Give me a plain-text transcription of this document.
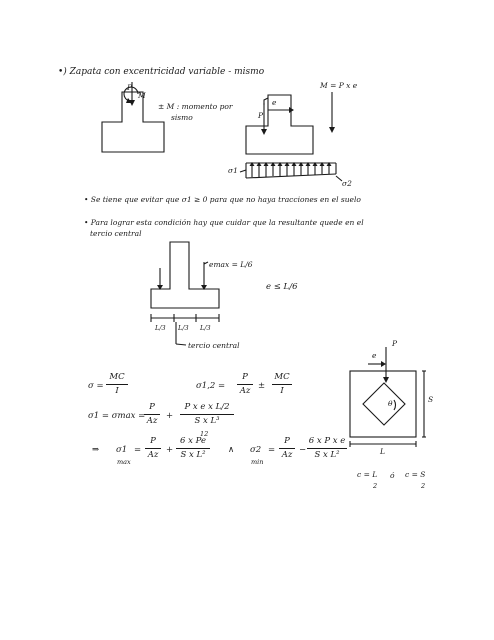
•) Zapata con excentricidad variable - mismo
P
M
± M : momento por
sismo
M = P x e
e
P
σ1
σ2
• Se tiene que evitar que σ1 ≥ 0 para que no haya tracciones en el suelo
• Para lograr esta condición hay que cuidar que la resultante quede en el
tercio central
emax = L/6
e ≤ L/6
L/3 L/3 L/3
tercio central
$\sigma = \frac{MC}{I}$	$\sigma 1,2 = \frac{P}{Az} \pm \frac{MC}{I}$
σ1 = σmax =
$\frac{P}{Az} + \frac{\text{P x e x L/2}}{\text{S x L³}}$
12
⇒ σ1
max
= $\frac{P}{Az} + \frac{\text{6 x Pe}}{\text{S x L²}}$ ∧ σ2
min
= $\frac{P}{Az} - \frac{\text{6 x P x e}}{\text{S x L²}}$
e
P
θ	S
L
c = L
2
ó c = S
2
